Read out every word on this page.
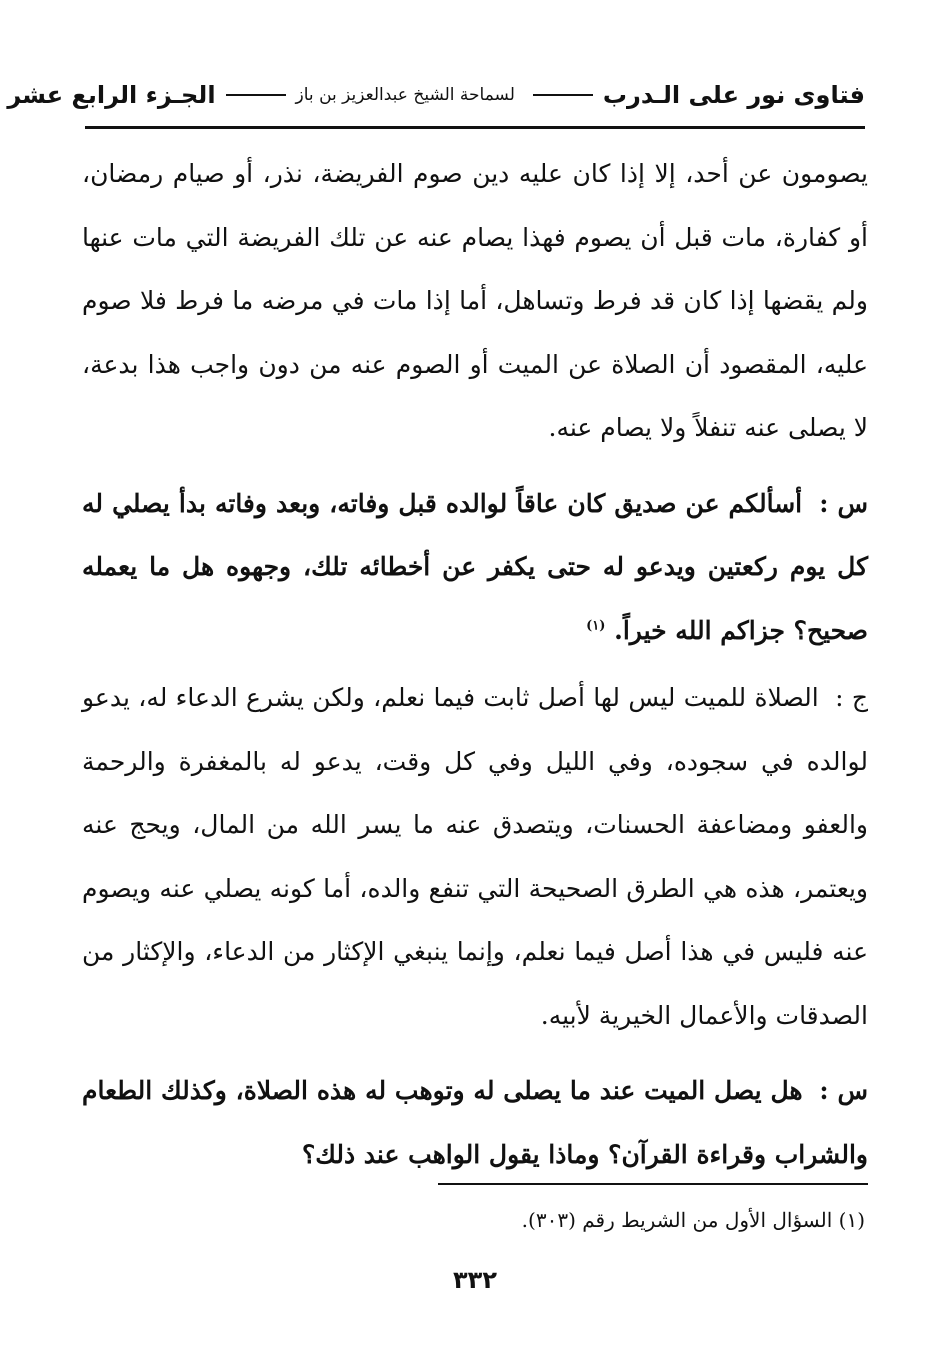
فتاوى نور على الـدرب
لسماحة الشيخ عبدالعزيز بن باز
الجـزء الرابع عشر

يصومون عن أحد، إلا إذا كان عليه دين صوم الفريضة، نذر، أو صيام رمضان، أو كفارة، مات قبل أن يصوم فهذا يصام عنه عن تلك الفريضة التي مات عنها ولم يقضها إذا كان قد فرط وتساهل، أما إذا مات في مرضه ما فرط فلا صوم عليه، المقصود أن الصلاة عن الميت أو الصوم عنه من دون واجب هذا بدعة، لا يصلى عنه تنفلاً ولا يصام عنه.

س : أسألكم عن صديق كان عاقاً لوالده قبل وفاته، وبعد وفاته بدأ يصلي له كل يوم ركعتين ويدعو له حتى يكفر عن أخطائه تلك، وجهوه هل ما يعمله صحيح؟ جزاكم الله خيراً. $^{(١)}$

ج : الصلاة للميت ليس لها أصل ثابت فيما نعلم، ولكن يشرع الدعاء له، يدعو لوالده في سجوده، وفي الليل وفي كل وقت، يدعو له بالمغفرة والرحمة والعفو ومضاعفة الحسنات، ويتصدق عنه ما يسر الله من المال، ويحج عنه ويعتمر، هذه هي الطرق الصحيحة التي تنفع والده، أما كونه يصلي عنه ويصوم عنه فليس في هذا أصل فيما نعلم، وإنما ينبغي الإكثار من الدعاء، والإكثار من الصدقات والأعمال الخيرية لأبيه.

س : هل يصل الميت عند ما يصلى له وتوهب له هذه الصلاة، وكذلك الطعام والشراب وقراءة القرآن؟ وماذا يقول الواهب عند ذلك؟

(١) السؤال الأول من الشريط رقم (٣٠٣).
٣٣٢
